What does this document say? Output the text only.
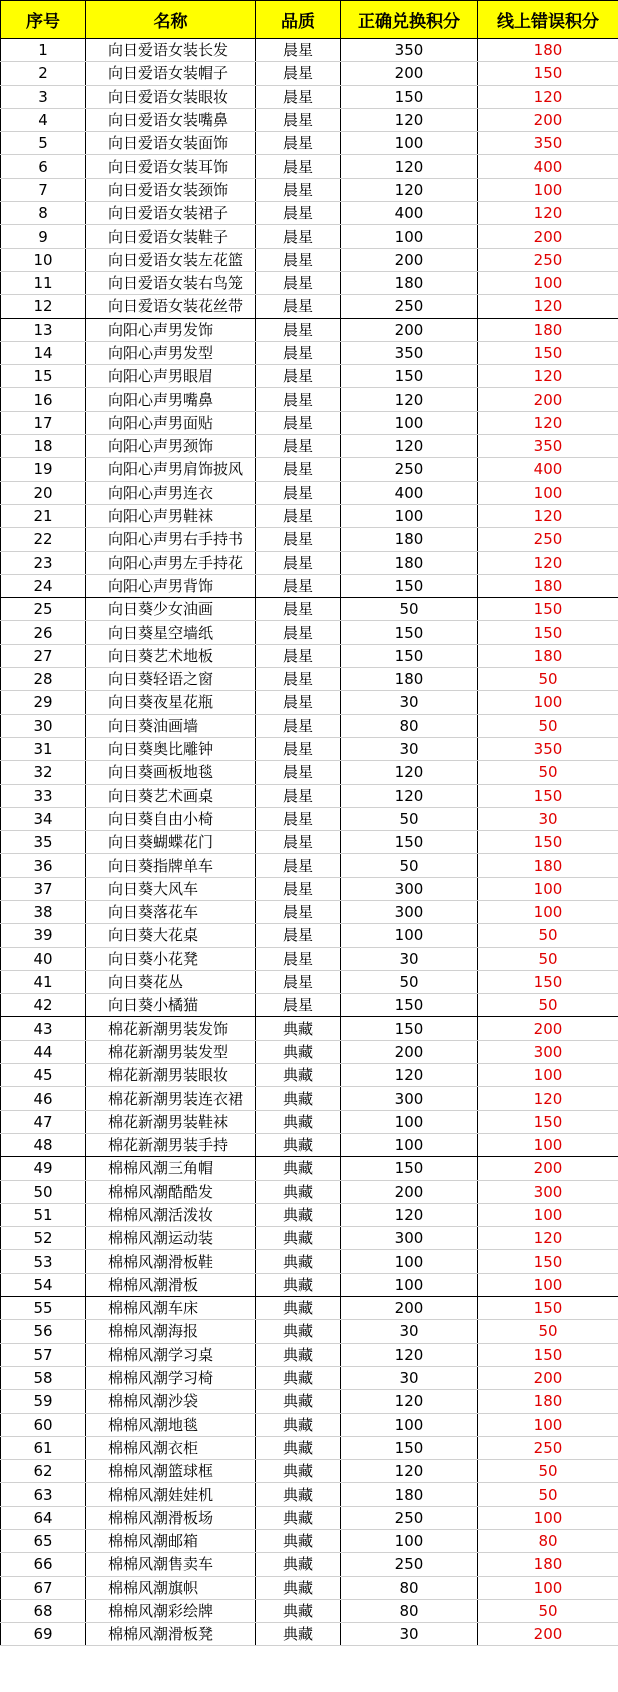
序号	名称	品质	正确兑换积分	线上错误积分
1	向日爱语女装长发	晨星	350	180
2	向日爱语女装帽子	晨星	200	150
3	向日爱语女装眼妆	晨星	150	120
4	向日爱语女装嘴鼻	晨星	120	200
5	向日爱语女装面饰	晨星	100	350
6	向日爱语女装耳饰	晨星	120	400
7	向日爱语女装颈饰	晨星	120	100
8	向日爱语女装裙子	晨星	400	120
9	向日爱语女装鞋子	晨星	100	200
10	向日爱语女装左花篮	晨星	200	250
11	向日爱语女装右鸟笼	晨星	180	100
12	向日爱语女装花丝带	晨星	250	120
13	向阳心声男发饰	晨星	200	180
14	向阳心声男发型	晨星	350	150
15	向阳心声男眼眉	晨星	150	120
16	向阳心声男嘴鼻	晨星	120	200
17	向阳心声男面贴	晨星	100	120
18	向阳心声男颈饰	晨星	120	350
19	向阳心声男肩饰披风	晨星	250	400
20	向阳心声男连衣	晨星	400	100
21	向阳心声男鞋袜	晨星	100	120
22	向阳心声男右手持书	晨星	180	250
23	向阳心声男左手持花	晨星	180	120
24	向阳心声男背饰	晨星	150	180
25	向日葵少女油画	晨星	50	150
26	向日葵星空墙纸	晨星	150	150
27	向日葵艺术地板	晨星	150	180
28	向日葵轻语之窗	晨星	180	50
29	向日葵夜星花瓶	晨星	30	100
30	向日葵油画墙	晨星	80	50
31	向日葵奥比雕钟	晨星	30	350
32	向日葵画板地毯	晨星	120	50
33	向日葵艺术画桌	晨星	120	150
34	向日葵自由小椅	晨星	50	30
35	向日葵蝴蝶花门	晨星	150	150
36	向日葵指牌单车	晨星	50	180
37	向日葵大风车	晨星	300	100
38	向日葵落花车	晨星	300	100
39	向日葵大花桌	晨星	100	50
40	向日葵小花凳	晨星	30	50
41	向日葵花丛	晨星	50	150
42	向日葵小橘猫	晨星	150	50
43	棉花新潮男装发饰	典藏	150	200
44	棉花新潮男装发型	典藏	200	300
45	棉花新潮男装眼妆	典藏	120	100
46	棉花新潮男装连衣裙	典藏	300	120
47	棉花新潮男装鞋袜	典藏	100	150
48	棉花新潮男装手持	典藏	100	100
49	棉棉风潮三角帽	典藏	150	200
50	棉棉风潮酷酷发	典藏	200	300
51	棉棉风潮活泼妆	典藏	120	100
52	棉棉风潮运动装	典藏	300	120
53	棉棉风潮滑板鞋	典藏	100	150
54	棉棉风潮滑板	典藏	100	100
55	棉棉风潮车床	典藏	200	150
56	棉棉风潮海报	典藏	30	50
57	棉棉风潮学习桌	典藏	120	150
58	棉棉风潮学习椅	典藏	30	200
59	棉棉风潮沙袋	典藏	120	180
60	棉棉风潮地毯	典藏	100	100
61	棉棉风潮衣柜	典藏	150	250
62	棉棉风潮篮球框	典藏	120	50
63	棉棉风潮娃娃机	典藏	180	50
64	棉棉风潮滑板场	典藏	250	100
65	棉棉风潮邮箱	典藏	100	80
66	棉棉风潮售卖车	典藏	250	180
67	棉棉风潮旗帜	典藏	80	100
68	棉棉风潮彩绘牌	典藏	80	50
69	棉棉风潮滑板凳	典藏	30	200
